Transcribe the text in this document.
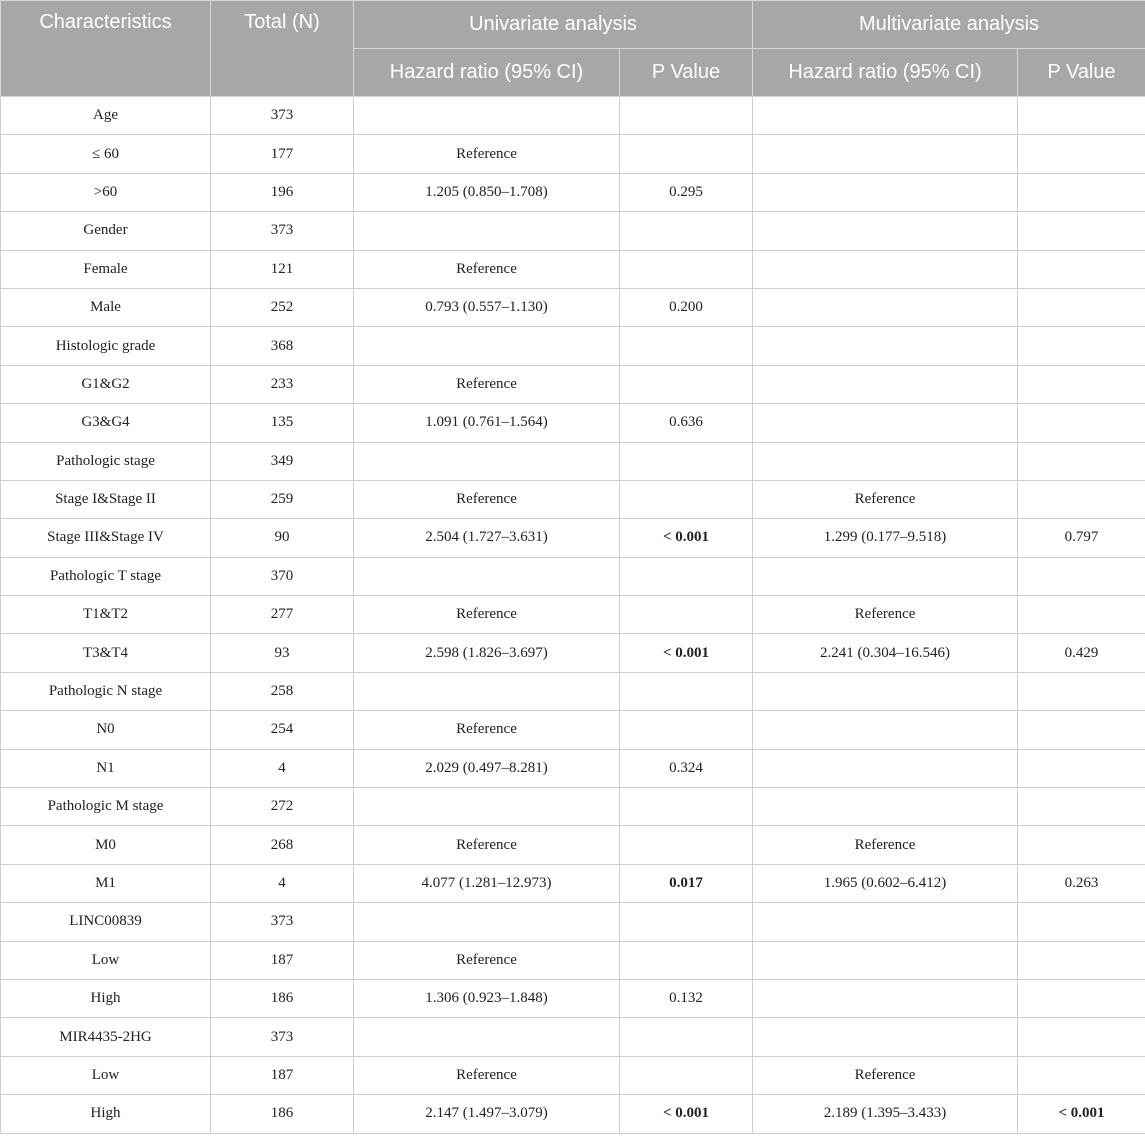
Characteristics	Total (N)	Univariate analysis		Multivariate analysis	
		Hazard ratio (95% CI)	P Value	Hazard ratio (95% CI)	P Value
Age	373				
≤ 60	177	Reference			
>60	196	1.205 (0.850–1.708)	0.295		
Gender	373				
Female	121	Reference			
Male	252	0.793 (0.557–1.130)	0.200		
Histologic grade	368				
G1&G2	233	Reference			
G3&G4	135	1.091 (0.761–1.564)	0.636		
Pathologic stage	349				
Stage I&Stage II	259	Reference		Reference	
Stage III&Stage IV	90	2.504 (1.727–3.631)	< 0.001	1.299 (0.177–9.518)	0.797
Pathologic T stage	370				
T1&T2	277	Reference		Reference	
T3&T4	93	2.598 (1.826–3.697)	< 0.001	2.241 (0.304–16.546)	0.429
Pathologic N stage	258				
N0	254	Reference			
N1	4	2.029 (0.497–8.281)	0.324		
Pathologic M stage	272				
M0	268	Reference		Reference	
M1	4	4.077 (1.281–12.973)	0.017	1.965 (0.602–6.412)	0.263
LINC00839	373				
Low	187	Reference			
High	186	1.306 (0.923–1.848)	0.132		
MIR4435-2HG	373				
Low	187	Reference		Reference	
High	186	2.147 (1.497–3.079)	< 0.001	2.189 (1.395–3.433)	< 0.001
